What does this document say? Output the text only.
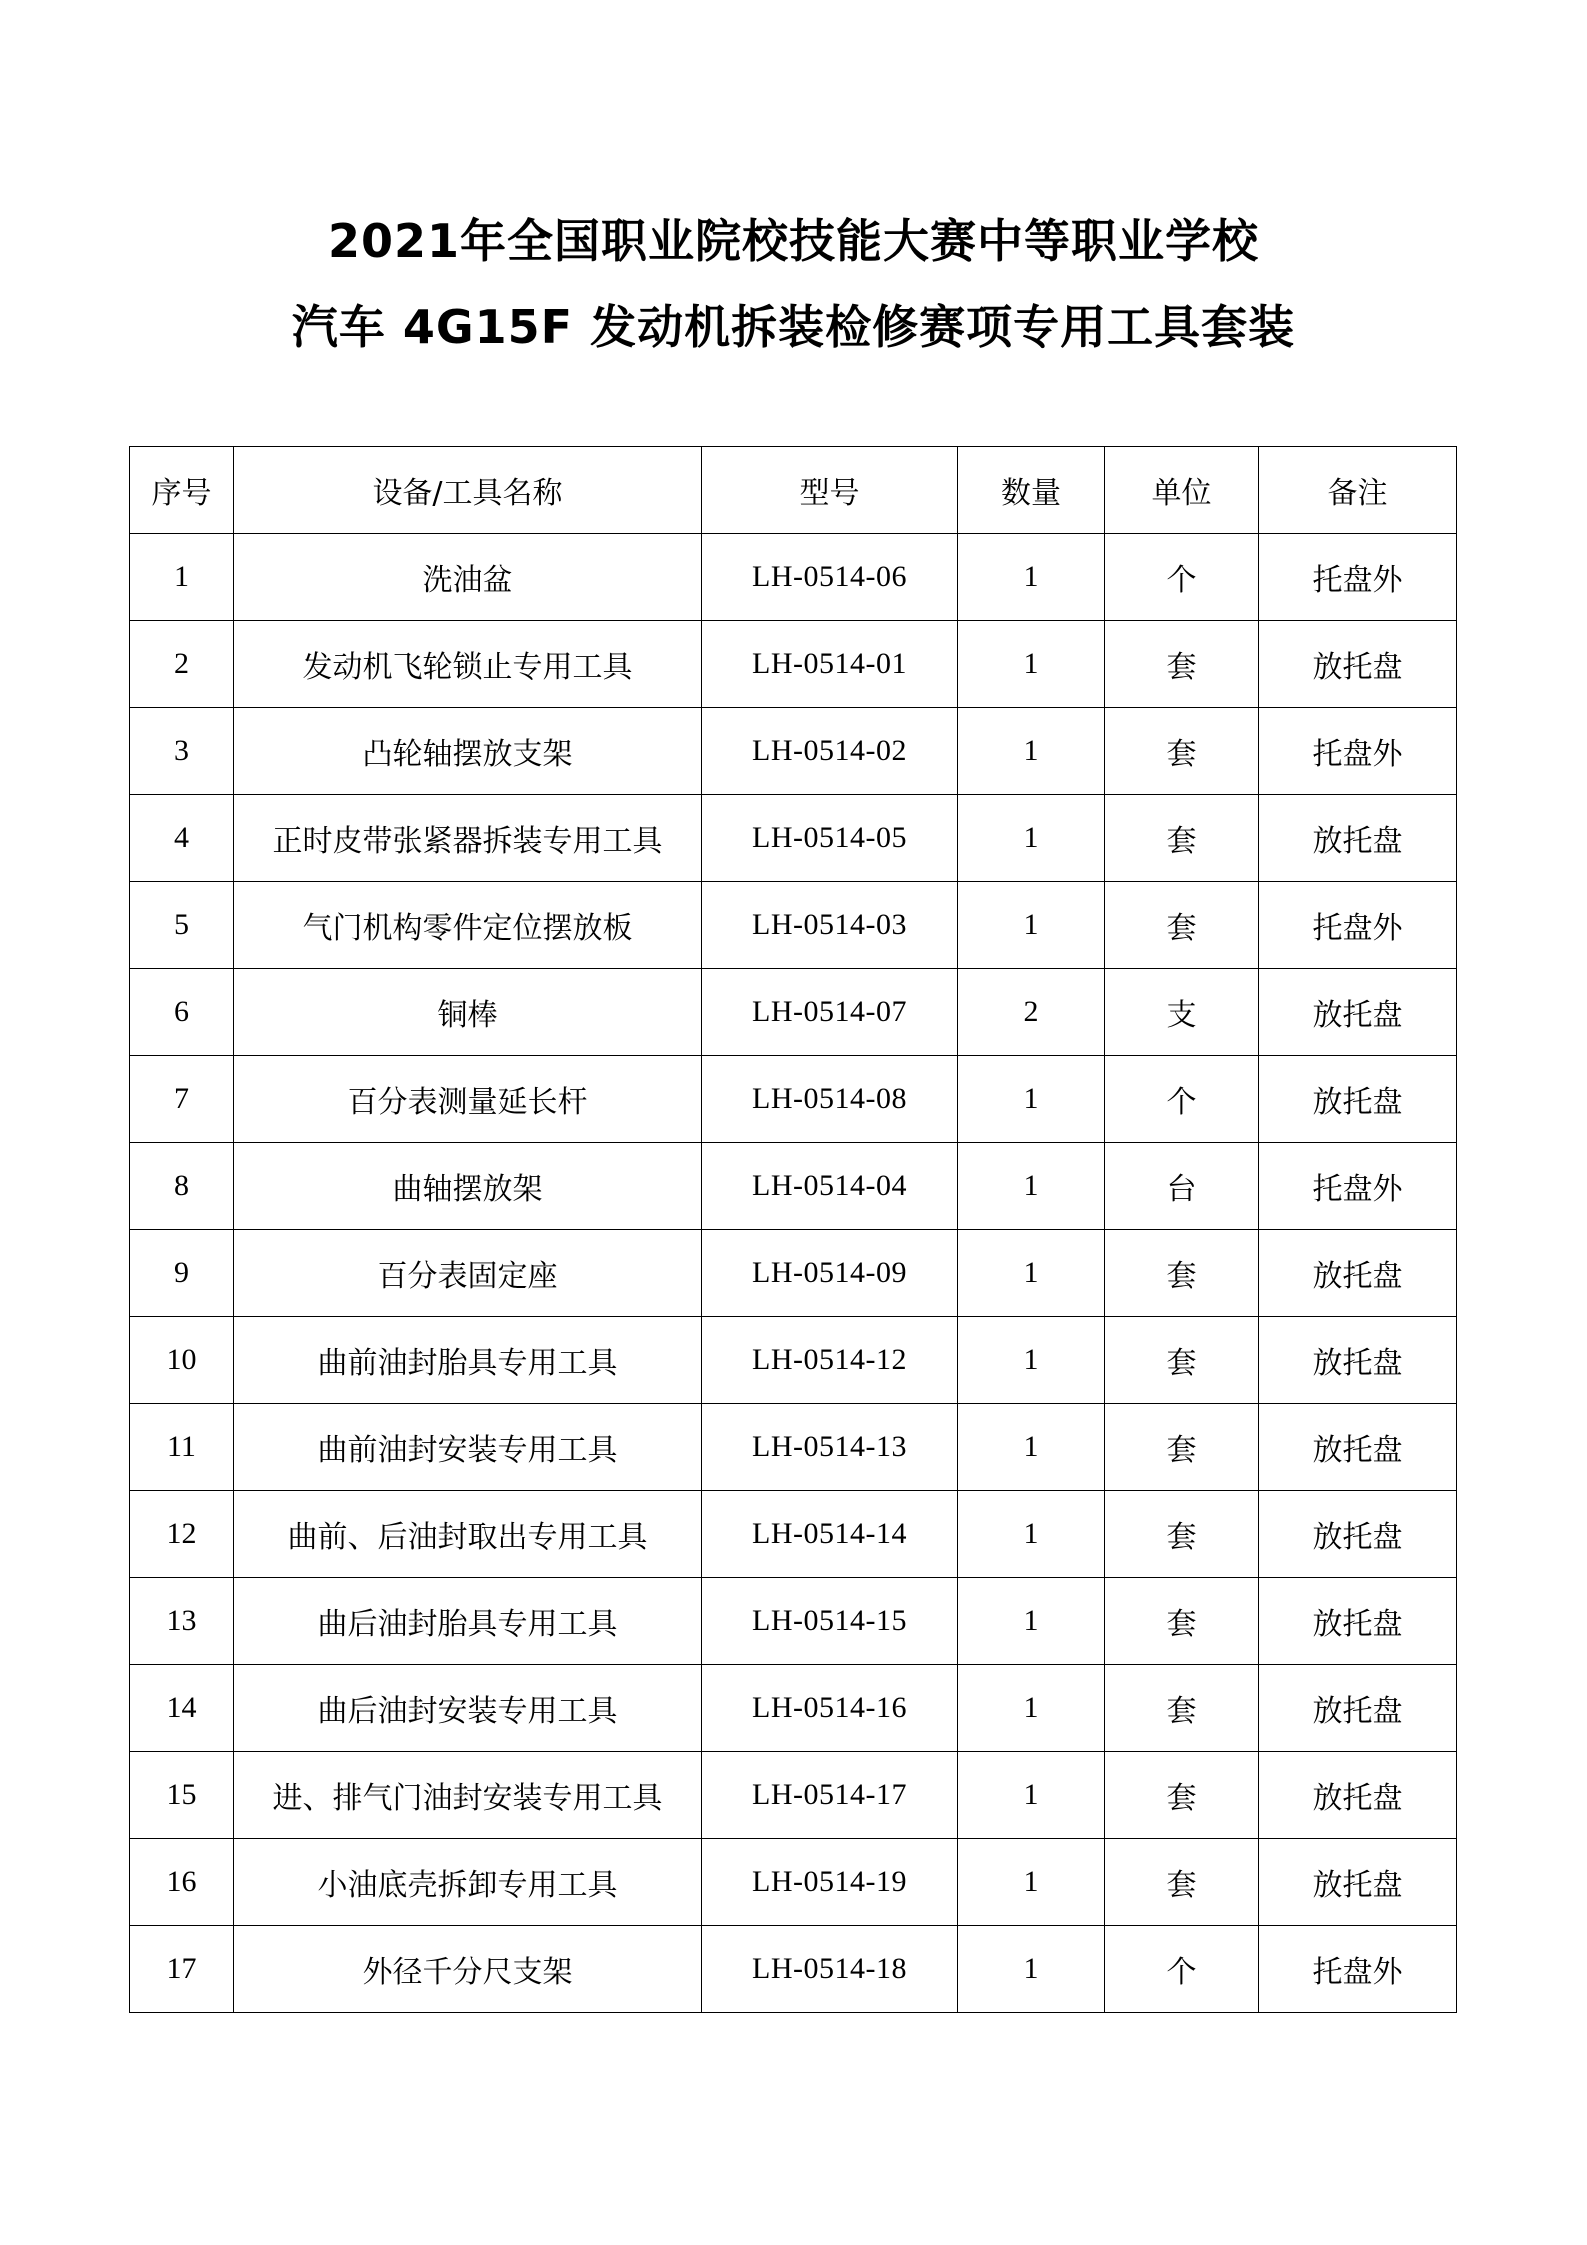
2021年全国职业院校技能大赛中等职业学校
汽车 4G15F 发动机拆装检修赛项专用工具套装
序号	设备/工具名称	型号	数量	单位	备注
1	洗油盆	LH-0514-06	1	个	托盘外
2	发动机飞轮锁止专用工具	LH-0514-01	1	套	放托盘
3	凸轮轴摆放支架	LH-0514-02	1	套	托盘外
4	正时皮带张紧器拆装专用工具	LH-0514-05	1	套	放托盘
5	气门机构零件定位摆放板	LH-0514-03	1	套	托盘外
6	铜棒	LH-0514-07	2	支	放托盘
7	百分表测量延长杆	LH-0514-08	1	个	放托盘
8	曲轴摆放架	LH-0514-04	1	台	托盘外
9	百分表固定座	LH-0514-09	1	套	放托盘
10	曲前油封胎具专用工具	LH-0514-12	1	套	放托盘
11	曲前油封安装专用工具	LH-0514-13	1	套	放托盘
12	曲前、后油封取出专用工具	LH-0514-14	1	套	放托盘
13	曲后油封胎具专用工具	LH-0514-15	1	套	放托盘
14	曲后油封安装专用工具	LH-0514-16	1	套	放托盘
15	进、排气门油封安装专用工具	LH-0514-17	1	套	放托盘
16	小油底壳拆卸专用工具	LH-0514-19	1	套	放托盘
17	外径千分尺支架	LH-0514-18	1	个	托盘外
